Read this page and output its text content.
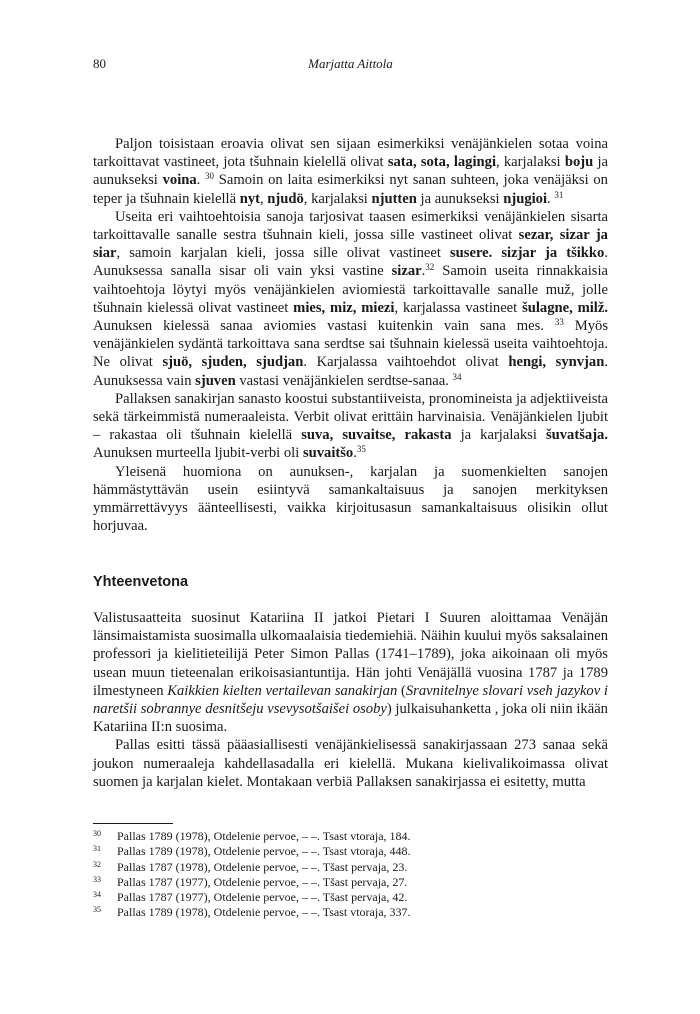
80	Marjatta Aittola

Paljon toisistaan eroavia olivat sen sijaan esimerkiksi venäjänkielen sotaa voina tarkoittavat vastineet, jota tšuhnain kielellä olivat sata, sota, lagingi, karjalaksi boju ja aunukseksi voina. $^{30}$ Samoin on laita esimerkiksi nyt sanan suhteen, joka venäjäksi on teper ja tšuhnain kielellä nyt, njudö, karjalaksi njutten ja aunukseksi njugioi. $^{31}$

Useita eri vaihtoehtoisia sanoja tarjosivat taasen esimerkiksi venäjänkielen sisarta tarkoittavalle sanalle sestra tšuhnain kieli, jossa sille vastineet olivat sezar, sizar ja siar, samoin karjalan kieli, jossa sille olivat vastineet susere. sizjar ja tšikko. Aunuksessa sanalla sisar oli vain yksi vastine sizar.$^{32}$ Samoin useita rinnakkaisia vaihtoehtoja löytyi myös venäjänkielen aviomiestä tarkoittavalle sanalle muž, jolle tšuhnain kielessä olivat vastineet mies, miz, miezi, karjalassa vastineet šulagne, milž. Aunuksen kielessä sanaa aviomies vastasi kuitenkin vain sana mes. $^{33}$ Myös venäjänkielen sydäntä tarkoittava sana serdtse sai tšuhnain kielessä useita vaihtoehtoja. Ne olivat sjuö, sjuden, sjudjan. Karjalassa vaihtoehdot olivat hengi, synvjan. Aunuksessa vain sjuven vastasi venäjänkielen serdtse-sanaa. $^{34}$

Pallaksen sanakirjan sanasto koostui substantiiveista, pronomineista ja adjektiiveista sekä tärkeimmistä numeraaleista. Verbit olivat erittäin harvinaisia. Venäjänkielen ljubit – rakastaa oli tšuhnain kielellä suva, suvaitse, rakasta ja karjalaksi šuvatšaja. Aunuksen murteella ljubit-verbi oli suvaitšo.$^{35}$

Yleisenä huomiona on aunuksen-, karjalan ja suomenkielten sanojen hämmästyttävän usein esiintyvä samankaltaisuus ja sanojen merkityksen ymmärrettävyys äänteellisesti, vaikka kirjoitusasun samankaltaisuus olisikin ollut horjuvaa.

Yhteenvetona

Valistusaatteita suosinut Katariina II jatkoi Pietari I Suuren aloittamaa Venäjän länsimaistamista suosimalla ulkomaalaisia tiedemiehiä. Näihin kuului myös saksalainen professori ja kielitieteilijä Peter Simon Pallas (1741–1789), joka aikoinaan oli myös usean muun tieteenalan erikoisasiantuntija. Hän johti Venäjällä vuosina 1787 ja 1789 ilmestyneen Kaikkien kielten vertailevan sanakirjan (Sravnitelnye slovari vseh jazykov i naretšii sobrannye desnitšeju vsevysotšaišei osoby) julkaisuhanketta , joka oli niin ikään Katariina II:n suosima.

Pallas esitti tässä pääasiallisesti venäjänkielisessä sanakirjassaan 273 sanaa sekä joukon numeraaleja kahdellasadalla eri kielellä. Mukana kielivalikoimassa olivat suomen ja karjalan kielet. Montakaan verbiä Pallaksen sanakirjassa ei esitetty, mutta

30 Pallas 1789 (1978), Otdelenie pervoe, – –. Tsast vtoraja, 184.
31 Pallas 1789 (1978), Otdelenie pervoe, – –. Tsast vtoraja, 448.
32 Pallas 1787 (1978), Otdelenie pervoe, – –. Tšast pervaja, 23.
33 Pallas 1787 (1977), Otdelenie pervoe, – –. Tšast pervaja, 27.
34 Pallas 1787 (1977), Otdelenie pervoe, – –. Tšast pervaja, 42.
35 Pallas 1789 (1978), Otdelenie pervoe, – –. Tsast vtoraja, 337.
